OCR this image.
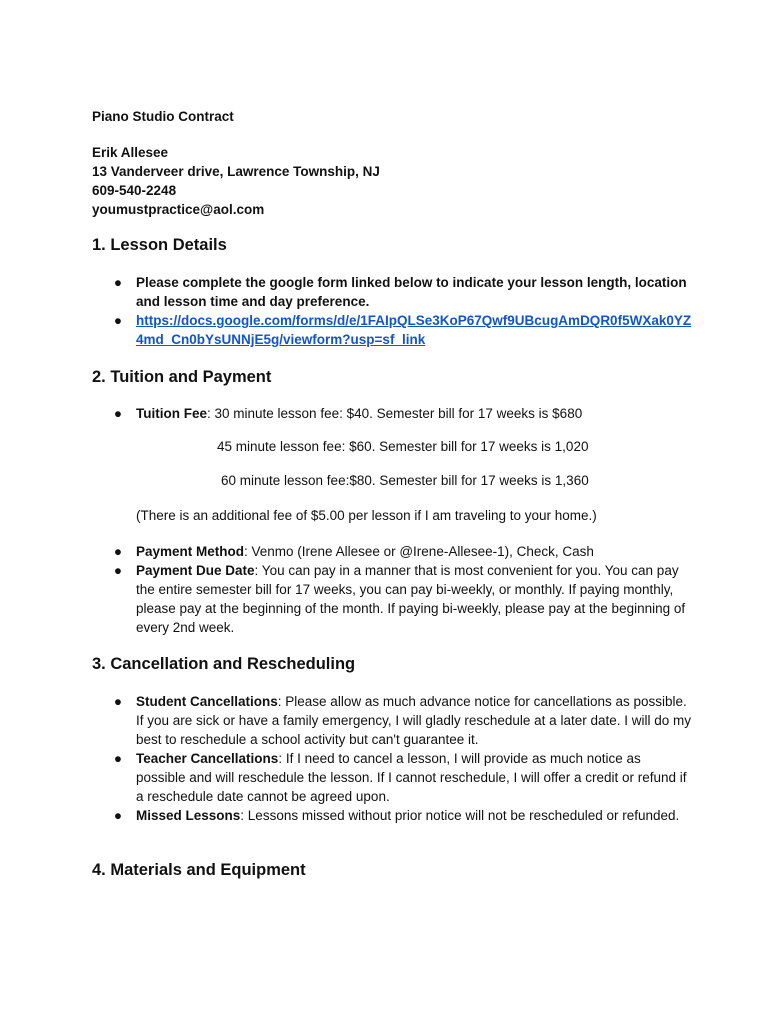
Piano Studio Contract
Erik Allesee
13 Vanderveer drive, Lawrence Township, NJ
609-540-2248
youmustpractice@aol.com
1. Lesson Details
● Please complete the google form linked below to indicate your lesson length, location and lesson time and day preference.
● https://docs.google.com/forms/d/e/1FAIpQLSe3KoP67Qwf9UBcugAmDQR0f5WXak0YZ4md_Cn0bYsUNNjE5g/viewform?usp=sf_link
2. Tuition and Payment
● Tuition Fee: 30 minute lesson fee: $40. Semester bill for 17 weeks is $680
45 minute lesson fee: $60. Semester bill for 17 weeks is 1,020
60 minute lesson fee:$80. Semester bill for 17 weeks is 1,360
(There is an additional fee of $5.00 per lesson if I am traveling to your home.)
● Payment Method: Venmo (Irene Allesee or @Irene-Allesee-1), Check, Cash
● Payment Due Date: You can pay in a manner that is most convenient for you. You can pay the entire semester bill for 17 weeks, you can pay bi-weekly, or monthly. If paying monthly, please pay at the beginning of the month. If paying bi-weekly, please pay at the beginning of every 2nd week.
3. Cancellation and Rescheduling
● Student Cancellations: Please allow as much advance notice for cancellations as possible. If you are sick or have a family emergency, I will gladly reschedule at a later date. I will do my best to reschedule a school activity but can't guarantee it.
● Teacher Cancellations: If I need to cancel a lesson, I will provide as much notice as possible and will reschedule the lesson. If I cannot reschedule, I will offer a credit or refund if a reschedule date cannot be agreed upon.
● Missed Lessons: Lessons missed without prior notice will not be rescheduled or refunded.
4. Materials and Equipment
